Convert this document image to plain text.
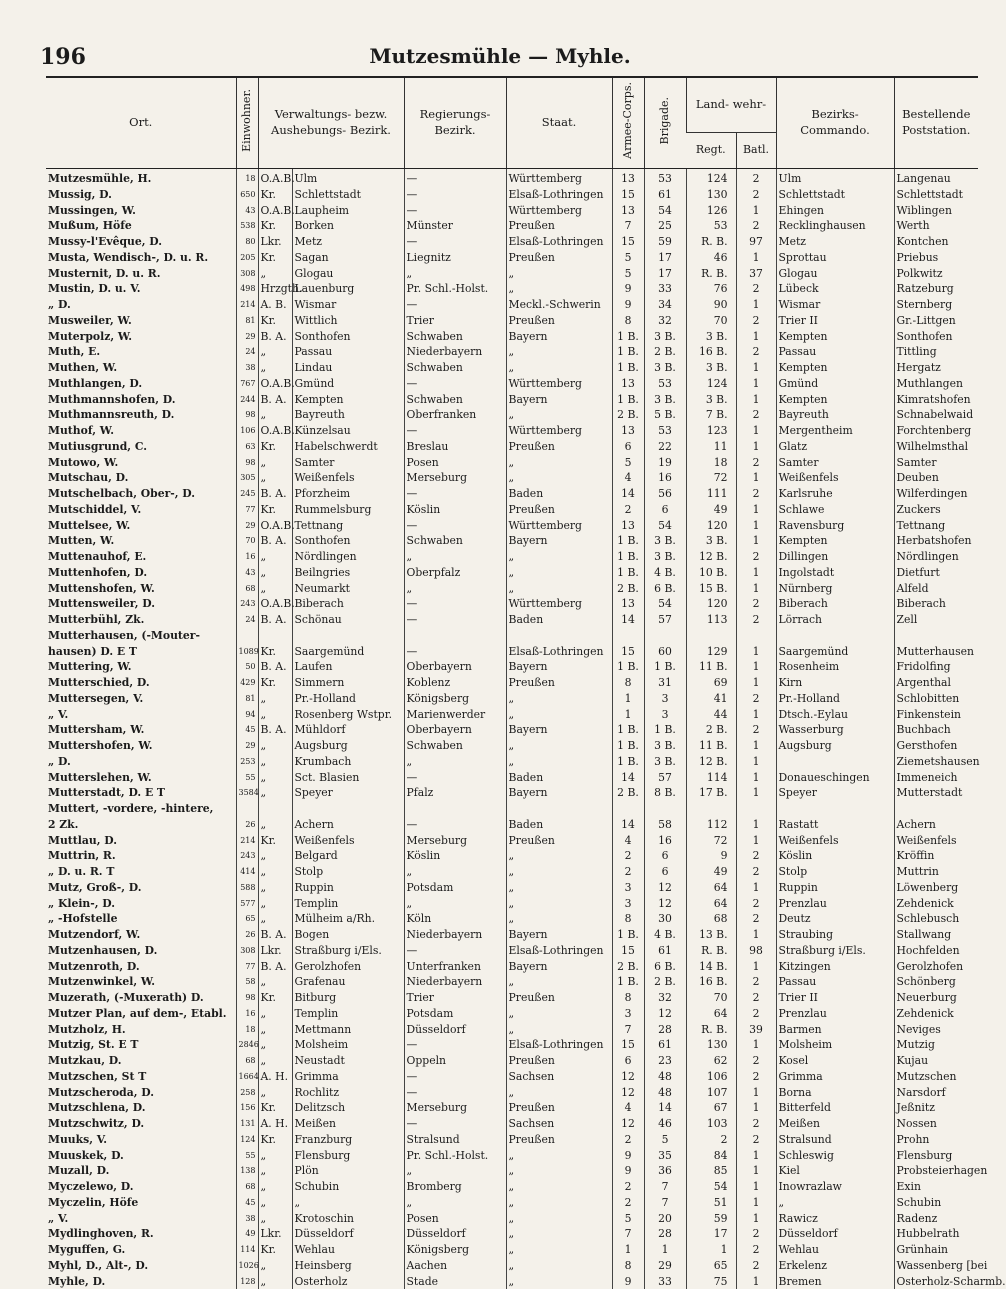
196	Mutzesmühle — Myhle.
Ort.	Einwohner.	Verwaltungs- bezw. Aushebungs- Bezirk.		Regierungs- Bezirk.	Staat.	Armee-Corps.	Brigade.	Land- wehr-		Bezirks- Commando.	Bestellende Poststation.
								Regt.	Batl.		
Mutzesmühle, H.	18	O.A.B.	Ulm	—	Württemberg	13	53	124	2	Ulm	Langenau
Mussig, D.	650	Kr.	Schlettstadt	—	Elsaß-Lothringen	15	61	130	2	Schlettstadt	Schlettstadt
Mussingen, W.	43	O.A.B.	Laupheim	—	Württemberg	13	54	126	1	Ehingen	Wiblingen
Mußum, Höfe	538	Kr.	Borken	Münster	Preußen	7	25	53	2	Recklinghausen	Werth
Mussy-l'Evêque, D.	80	Lkr.	Metz	—	Elsaß-Lothringen	15	59	R. B.	97	Metz	Kontchen
Musta, Wendisch-, D. u. R.	205	Kr.	Sagan	Liegnitz	Preußen	5	17	46	1	Sprottau	Priebus
Musternit, D. u. R.	308	„	Glogau	„	„	5	17	R. B.	37	Glogau	Polkwitz
Mustin, D. u. V.	498	Hrzgth.	Lauenburg	Pr. Schl.-Holst.	„	9	33	76	2	Lübeck	Ratzeburg
„ D.	214	A. B.	Wismar	—	Meckl.-Schwerin	9	34	90	1	Wismar	Sternberg
Musweiler, W.	81	Kr.	Wittlich	Trier	Preußen	8	32	70	2	Trier II	Gr.-Littgen
Muterpolz, W.	29	B. A.	Sonthofen	Schwaben	Bayern	1 B.	3 B.	3 B.	1	Kempten	Sonthofen
Muth, E.	24	„	Passau	Niederbayern	„	1 B.	2 B.	16 B.	2	Passau	Tittling
Muthen, W.	38	„	Lindau	Schwaben	„	1 B.	3 B.	3 B.	1	Kempten	Hergatz
Muthlangen, D.	767	O.A.B.	Gmünd	—	Württemberg	13	53	124	1	Gmünd	Muthlangen
Muthmannshofen, D.	244	B. A.	Kempten	Schwaben	Bayern	1 B.	3 B.	3 B.	1	Kempten	Kimratshofen
Muthmannsreuth, D.	98	„	Bayreuth	Oberfranken	„	2 B.	5 B.	7 B.	2	Bayreuth	Schnabelwaid
Muthof, W.	106	O.A.B.	Künzelsau	—	Württemberg	13	53	123	1	Mergentheim	Forchtenberg
Mutiusgrund, C.	63	Kr.	Habelschwerdt	Breslau	Preußen	6	22	11	1	Glatz	Wilhelmsthal
Mutowo, W.	98	„	Samter	Posen	„	5	19	18	2	Samter	Samter
Mutschau, D.	305	„	Weißenfels	Merseburg	„	4	16	72	1	Weißenfels	Deuben
Mutschelbach, Ober-, D.	245	B. A.	Pforzheim	—	Baden	14	56	111	2	Karlsruhe	Wilferdingen
Mutschiddel, V.	77	Kr.	Rummelsburg	Köslin	Preußen	2	6	49	1	Schlawe	Zuckers
Muttelsee, W.	29	O.A.B.	Tettnang	—	Württemberg	13	54	120	1	Ravensburg	Tettnang
Mutten, W.	70	B. A.	Sonthofen	Schwaben	Bayern	1 B.	3 B.	3 B.	1	Kempten	Herbatshofen
Muttenauhof, E.	16	„	Nördlingen	„	„	1 B.	3 B.	12 B.	2	Dillingen	Nördlingen
Muttenhofen, D.	43	„	Beilngries	Oberpfalz	„	1 B.	4 B.	10 B.	1	Ingolstadt	Dietfurt
Muttenshofen, W.	68	„	Neumarkt	„	„	2 B.	6 B.	15 B.	1	Nürnberg	Alfeld
Muttensweiler, D.	243	O.A.B.	Biberach	—	Württemberg	13	54	120	2	Biberach	Biberach
Mutterbühl, Zk.	24	B. A.	Schönau	—	Baden	14	57	113	2	Lörrach	Zell
Mutterhausen, (-Mouter-											
hausen) D. E T	1089	Kr.	Saargemünd	—	Elsaß-Lothringen	15	60	129	1	Saargemünd	Mutterhausen
Muttering, W.	50	B. A.	Laufen	Oberbayern	Bayern	1 B.	1 B.	11 B.	1	Rosenheim	Fridolfing
Mutterschied, D.	429	Kr.	Simmern	Koblenz	Preußen	8	31	69	1	Kirn	Argenthal
Muttersegen, V.	81	„	Pr.-Holland	Königsberg	„	1	3	41	2	Pr.-Holland	Schlobitten
„ V.	94	„	Rosenberg Wstpr.	Marienwerder	„	1	3	44	1	Dtsch.-Eylau	Finkenstein
Muttersham, W.	45	B. A.	Mühldorf	Oberbayern	Bayern	1 B.	1 B.	2 B.	2	Wasserburg	Buchbach
Muttershofen, W.	29	„	Augsburg	Schwaben	„	1 B.	3 B.	11 B.	1	Augsburg	Gersthofen
„ D.	253	„	Krumbach	„	„	1 B.	3 B.	12 B.	1		Ziemetshausen
Mutterslehen, W.	55	„	Sct. Blasien	—	Baden	14	57	114	1	Donaueschingen	Immeneich
Mutterstadt, D. E T	3584	„	Speyer	Pfalz	Bayern	2 B.	8 B.	17 B.	1	Speyer	Mutterstadt
Muttert, -vordere, -hintere,											
2 Zk.	26	„	Achern	—	Baden	14	58	112	1	Rastatt	Achern
Muttlau, D.	214	Kr.	Weißenfels	Merseburg	Preußen	4	16	72	1	Weißenfels	Weißenfels
Muttrin, R.	243	„	Belgard	Köslin	„	2	6	9	2	Köslin	Kröffin
„ D. u. R. T	414	„	Stolp	„	„	2	6	49	2	Stolp	Muttrin
Mutz, Groß-, D.	588	„	Ruppin	Potsdam	„	3	12	64	1	Ruppin	Löwenberg
„ Klein-, D.	577	„	Templin	„	„	3	12	64	2	Prenzlau	Zehdenick
„ -Hofstelle	65	„	Mülheim a/Rh.	Köln	„	8	30	68	2	Deutz	Schlebusch
Mutzendorf, W.	26	B. A.	Bogen	Niederbayern	Bayern	1 B.	4 B.	13 B.	1	Straubing	Stallwang
Mutzenhausen, D.	308	Lkr.	Straßburg i/Els.	—	Elsaß-Lothringen	15	61	R. B.	98	Straßburg i/Els.	Hochfelden
Mutzenroth, D.	77	B. A.	Gerolzhofen	Unterfranken	Bayern	2 B.	6 B.	14 B.	1	Kitzingen	Gerolzhofen
Mutzenwinkel, W.	58	„	Grafenau	Niederbayern	„	1 B.	2 B.	16 B.	2	Passau	Schönberg
Muzerath, (-Muxerath) D.	98	Kr.	Bitburg	Trier	Preußen	8	32	70	2	Trier II	Neuerburg
Mutzer Plan, auf dem-, Etabl.	16	„	Templin	Potsdam	„	3	12	64	2	Prenzlau	Zehdenick
Mutzholz, H.	18	„	Mettmann	Düsseldorf	„	7	28	R. B.	39	Barmen	Neviges
Mutzig, St. E T	2846	„	Molsheim	—	Elsaß-Lothringen	15	61	130	1	Molsheim	Mutzig
Mutzkau, D.	68	„	Neustadt	Oppeln	Preußen	6	23	62	2	Kosel	Kujau
Mutzschen, St T	1664	A. H.	Grimma	—	Sachsen	12	48	106	2	Grimma	Mutzschen
Mutzscheroda, D.	258	„	Rochlitz	—	„	12	48	107	1	Borna	Narsdorf
Mutzschlena, D.	156	Kr.	Delitzsch	Merseburg	Preußen	4	14	67	1	Bitterfeld	Jeßnitz
Mutzschwitz, D.	131	A. H.	Meißen	—	Sachsen	12	46	103	2	Meißen	Nossen
Muuks, V.	124	Kr.	Franzburg	Stralsund	Preußen	2	5	2	2	Stralsund	Prohn
Muuskek, D.	55	„	Flensburg	Pr. Schl.-Holst.	„	9	35	84	1	Schleswig	Flensburg
Muzall, D.	138	„	Plön	„	„	9	36	85	1	Kiel	Probsteierhagen
Myczelewo, D.	68	„	Schubin	Bromberg	„	2	7	54	1	Inowrazlaw	Exin
Myczelin, Höfe	45	„	„	„	„	2	7	51	1	„	Schubin
„ V.	38	„	Krotoschin	Posen	„	5	20	59	1	Rawicz	Radenz
Mydlinghoven, R.	49	Lkr.	Düsseldorf	Düsseldorf	„	7	28	17	2	Düsseldorf	Hubbelrath
Myguffen, G.	114	Kr.	Wehlau	Königsberg	„	1	1	1	2	Wehlau	Grünhain
Myhl, D., Alt-, D.	1026	„	Heinsberg	Aachen	„	8	29	65	2	Erkelenz	Wassenberg [bei
Myhle, D.	128	„	Osterholz	Stade	„	9	33	75	1	Bremen	Osterholz-Scharmb.
